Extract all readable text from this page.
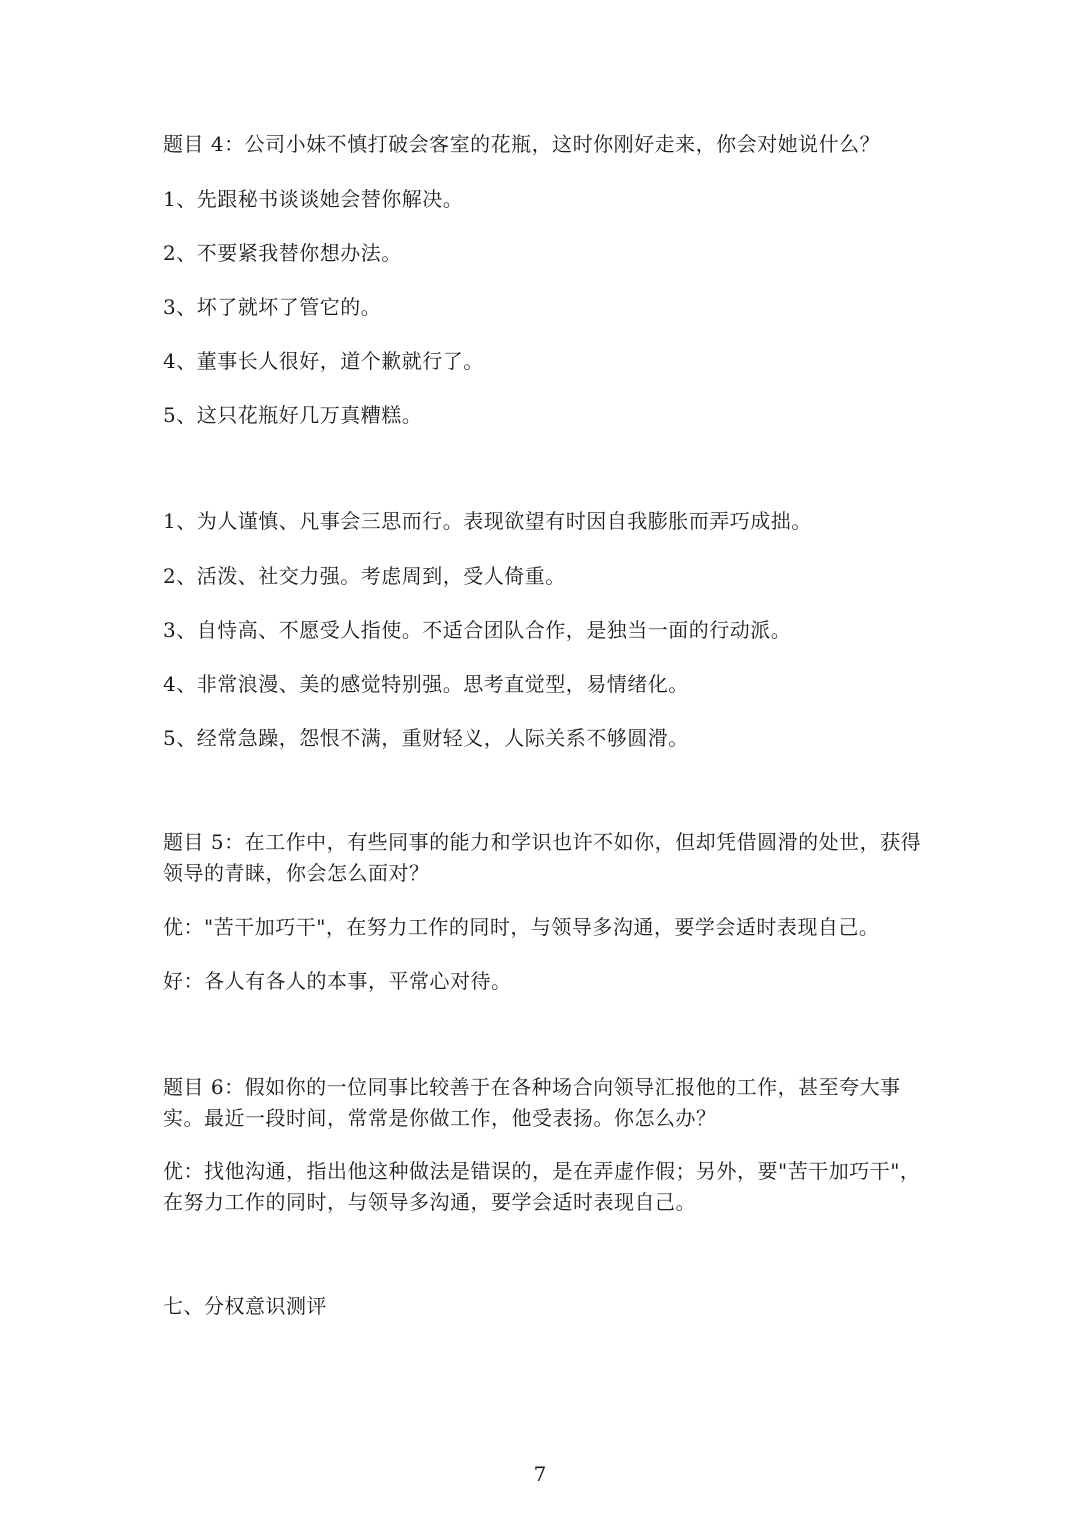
题目 4：公司小妹不慎打破会客室的花瓶，这时你刚好走来，你会对她说什么？
1、先跟秘书谈谈她会替你解决。
2、不要紧我替你想办法。
3、坏了就坏了管它的。
4、董事长人很好，道个歉就行了。
5、这只花瓶好几万真糟糕。
1、为人谨慎、凡事会三思而行。表现欲望有时因自我膨胀而弄巧成拙。
2、活泼、社交力强。考虑周到，受人倚重。
3、自恃高、不愿受人指使。不适合团队合作，是独当一面的行动派。
4、非常浪漫、美的感觉特别强。思考直觉型，易情绪化。
5、经常急躁，怨恨不满，重财轻义，人际关系不够圆滑。
题目 5：在工作中，有些同事的能力和学识也许不如你，但却凭借圆滑的处世，获得领导的青睐，你会怎么面对？
优："苦干加巧干"，在努力工作的同时，与领导多沟通，要学会适时表现自己。
好：各人有各人的本事，平常心对待。
题目 6：假如你的一位同事比较善于在各种场合向领导汇报他的工作，甚至夸大事实。最近一段时间，常常是你做工作，他受表扬。你怎么办？
优：找他沟通，指出他这种做法是错误的，是在弄虚作假；另外，要"苦干加巧干"，在努力工作的同时，与领导多沟通，要学会适时表现自己。
七、分权意识测评
7
